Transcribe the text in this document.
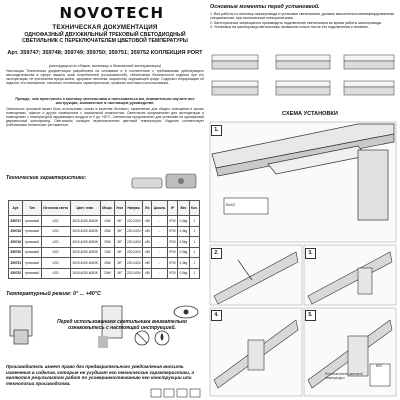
NOVOTECH
ТЕХНИЧЕСКАЯ ДОКУМЕНТАЦИЯ
ОДНОФАЗНЫЙ ДВУХЖИЛЬНЫЙ ТРЕКОВЫЙ СВЕТОДИОДНЫЙ СВЕТИЛЬНИК С ПЕРЕКЛЮЧАТЕЛЕМ ЦВЕТОВОЙ ТЕМПЕРАТУРЫ
Арт. 359747; 359748; 359749; 359750; 359751; 359752 КОЛЛЕКЦИЯ PORT
(инструкция по сборке, монтажу и безопасной эксплуатации)
Настоящая Техническая документация разработана на основании и в соответствии с требованиями действующего законодательства в сфере защиты прав потребителей (пользователей), обеспечения безопасности изделия при его эксплуатации, не причинения вреда жизни, здоровью человека, имуществу, окружающей среде. Содержит информацию об изделии, его назначении, основных технических характеристиках, правилах монтажа и использования.
Прежде, чем приступить к монтажу светильника и пользоваться им, внимательно изучите все инструкции, изложенные в настоящем руководстве.
Светильник трековый может быть использован только в качестве бытового, применение для общего освещения в жилых помещениях, офисах и других помещениях с нормальной влажностью. Светильник предназначен для эксплуатации в помещениях с температурой окружающего воздуха от 0 до +40°С. Светильник предназначен для установки на однофазный двухжильный шинопровод. Светильник оснащен переключателем цветовой температуры. Изделие соответствует требованиям технических регламентов.
Технические характеристики:
Арт.	Тип	Источник света	Цвет. темп.	Мощн.	Угол	Напряж.	Ra	Цоколь	IP	Вес	Кол.
359747	трековый	LED	3000-4000-6000K	10W	36°	220-240V	>80	-	IP20	0,3kg	1
359748	трековый	LED	3000-4000-6000K	15W	36°	220-240V	>80	-	IP20	0,4kg	1
359749	трековый	LED	3000-4000-6000K	20W	36°	220-240V	>80	-	IP20	0,5kg	1
359750	трековый	LED	3000-4000-6000K	10W	36°	220-240V	>80	-	IP20	0,3kg	1
359751	трековый	LED	3000-4000-6000K	15W	36°	220-240V	>80	-	IP20	0,4kg	1
359752	трековый	LED	3000-4000-6000K	20W	36°	220-240V	>80	-	IP20	0,5kg	1
Температурный режим: 0° ... +40°С
Перед использованием светильника внимательно ознакомьтесь с настоящей инструкцией.
Производитель имеет право без предварительного уведомления вносить изменения в изделие, которые не ухудшат его технические характеристики, а являются результатом работ по усовершенствованию его конструкции или технологии производства.
Основные моменты перед установкой.
1. Все работы по монтажу шинопровода и установке светильника, должны выполняться квалифицированным специалистом, при отключенном электропитании.
2. Категорически запрещается производить подключение светильника во время работы шинопровода.
3. Установка на шинопровод светильника, возможна только после его подключения к питанию.
СХЕМА УСТАНОВКИ
1.
2.	3.
4.	5.
ВЫКЛ.
Переключатель цветовой температуры
ВКЛ.
